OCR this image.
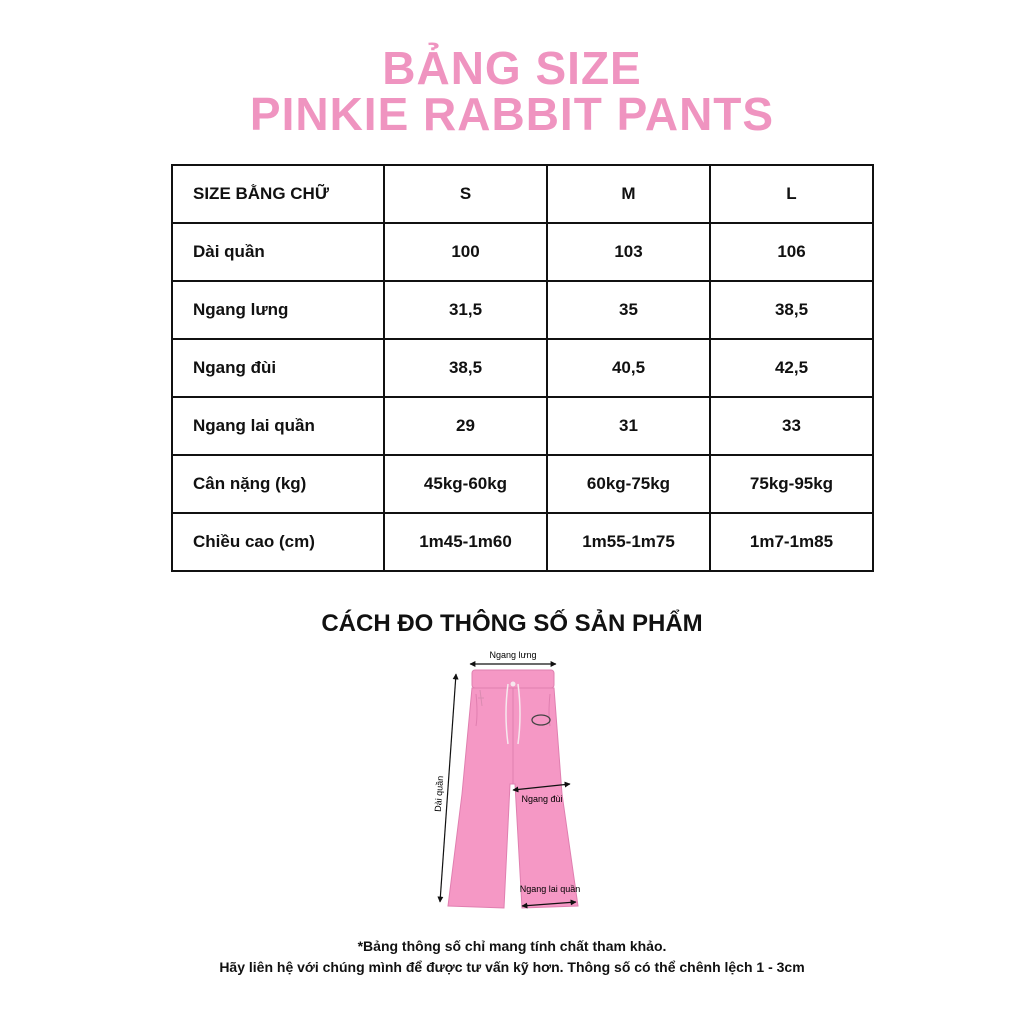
BẢNG SIZE
PINKIE RABBIT PANTS
SIZE BẰNG CHỮ	S	M	L
Dài quần	100	103	106
Ngang lưng	31,5	35	38,5
Ngang đùi	38,5	40,5	42,5
Ngang lai quần	29	31	33
Cân nặng (kg)	45kg-60kg	60kg-75kg	75kg-95kg
Chiều cao (cm)	1m45-1m60	1m55-1m75	1m7-1m85
CÁCH ĐO THÔNG SỐ SẢN PHẨM
Ngang lưng
Dài quần	Ngang đùi
Ngang lai quần
*Bảng thông số chỉ mang tính chất tham khảo.
Hãy liên hệ với chúng mình để được tư vấn kỹ hơn. Thông số có thể chênh lệch 1 - 3cm
